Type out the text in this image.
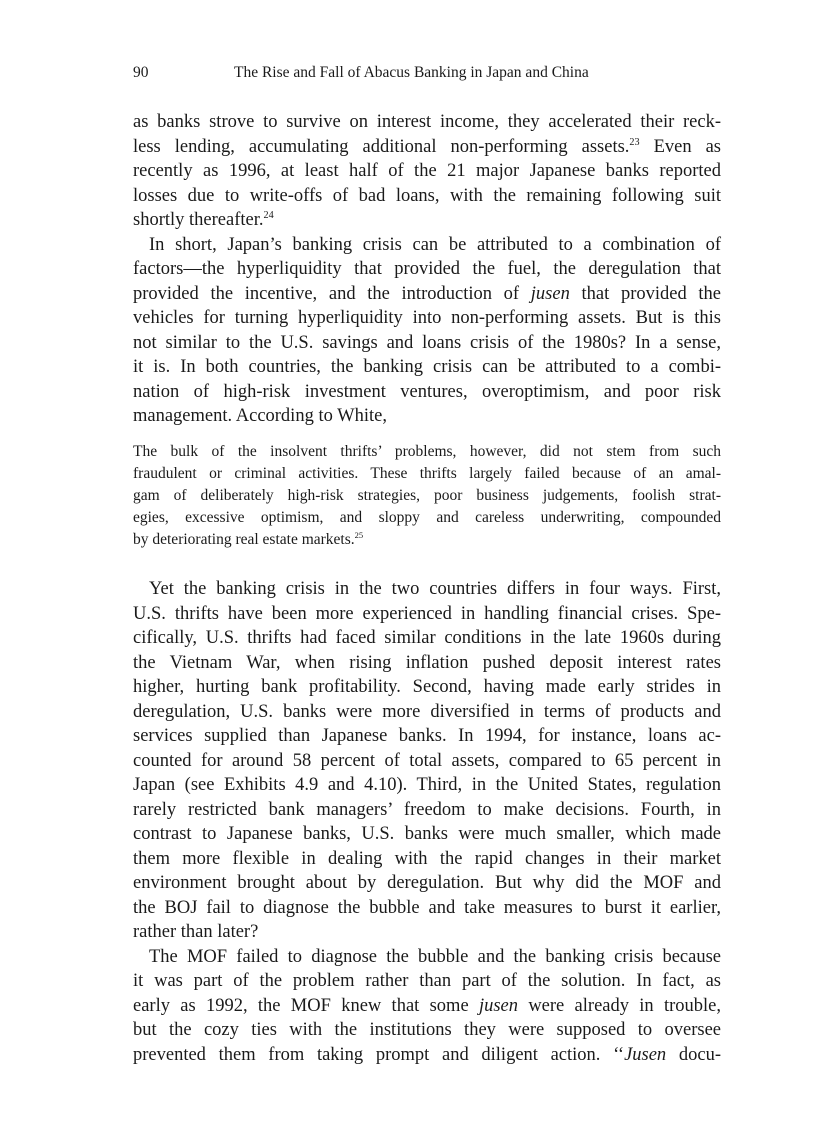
90	The Rise and Fall of Abacus Banking in Japan and China
as banks strove to survive on interest income, they accelerated their reck-
less lending, accumulating additional non-performing assets.$^{23}$ Even as
recently as 1996, at least half of the 21 major Japanese banks reported
losses due to write-offs of bad loans, with the remaining following suit
shortly thereafter.$^{24}$
In short, Japan’s banking crisis can be attributed to a combination of
factors—the hyperliquidity that provided the fuel, the deregulation that
provided the incentive, and the introduction of jusen that provided the
vehicles for turning hyperliquidity into non-performing assets. But is this
not similar to the U.S. savings and loans crisis of the 1980s? In a sense,
it is. In both countries, the banking crisis can be attributed to a combi-
nation of high-risk investment ventures, overoptimism, and poor risk
management. According to White,
The bulk of the insolvent thrifts’ problems, however, did not stem from such
fraudulent or criminal activities. These thrifts largely failed because of an amal-
gam of deliberately high-risk strategies, poor business judgements, foolish strat-
egies, excessive optimism, and sloppy and careless underwriting, compounded
by deteriorating real estate markets.$^{25}$
Yet the banking crisis in the two countries differs in four ways. First,
U.S. thrifts have been more experienced in handling financial crises. Spe-
cifically, U.S. thrifts had faced similar conditions in the late 1960s during
the Vietnam War, when rising inflation pushed deposit interest rates
higher, hurting bank profitability. Second, having made early strides in
deregulation, U.S. banks were more diversified in terms of products and
services supplied than Japanese banks. In 1994, for instance, loans ac-
counted for around 58 percent of total assets, compared to 65 percent in
Japan (see Exhibits 4.9 and 4.10). Third, in the United States, regulation
rarely restricted bank managers’ freedom to make decisions. Fourth, in
contrast to Japanese banks, U.S. banks were much smaller, which made
them more flexible in dealing with the rapid changes in their market
environment brought about by deregulation. But why did the MOF and
the BOJ fail to diagnose the bubble and take measures to burst it earlier,
rather than later?
The MOF failed to diagnose the bubble and the banking crisis because
it was part of the problem rather than part of the solution. In fact, as
early as 1992, the MOF knew that some jusen were already in trouble,
but the cozy ties with the institutions they were supposed to oversee
prevented them from taking prompt and diligent action. ‘‘Jusen docu-
